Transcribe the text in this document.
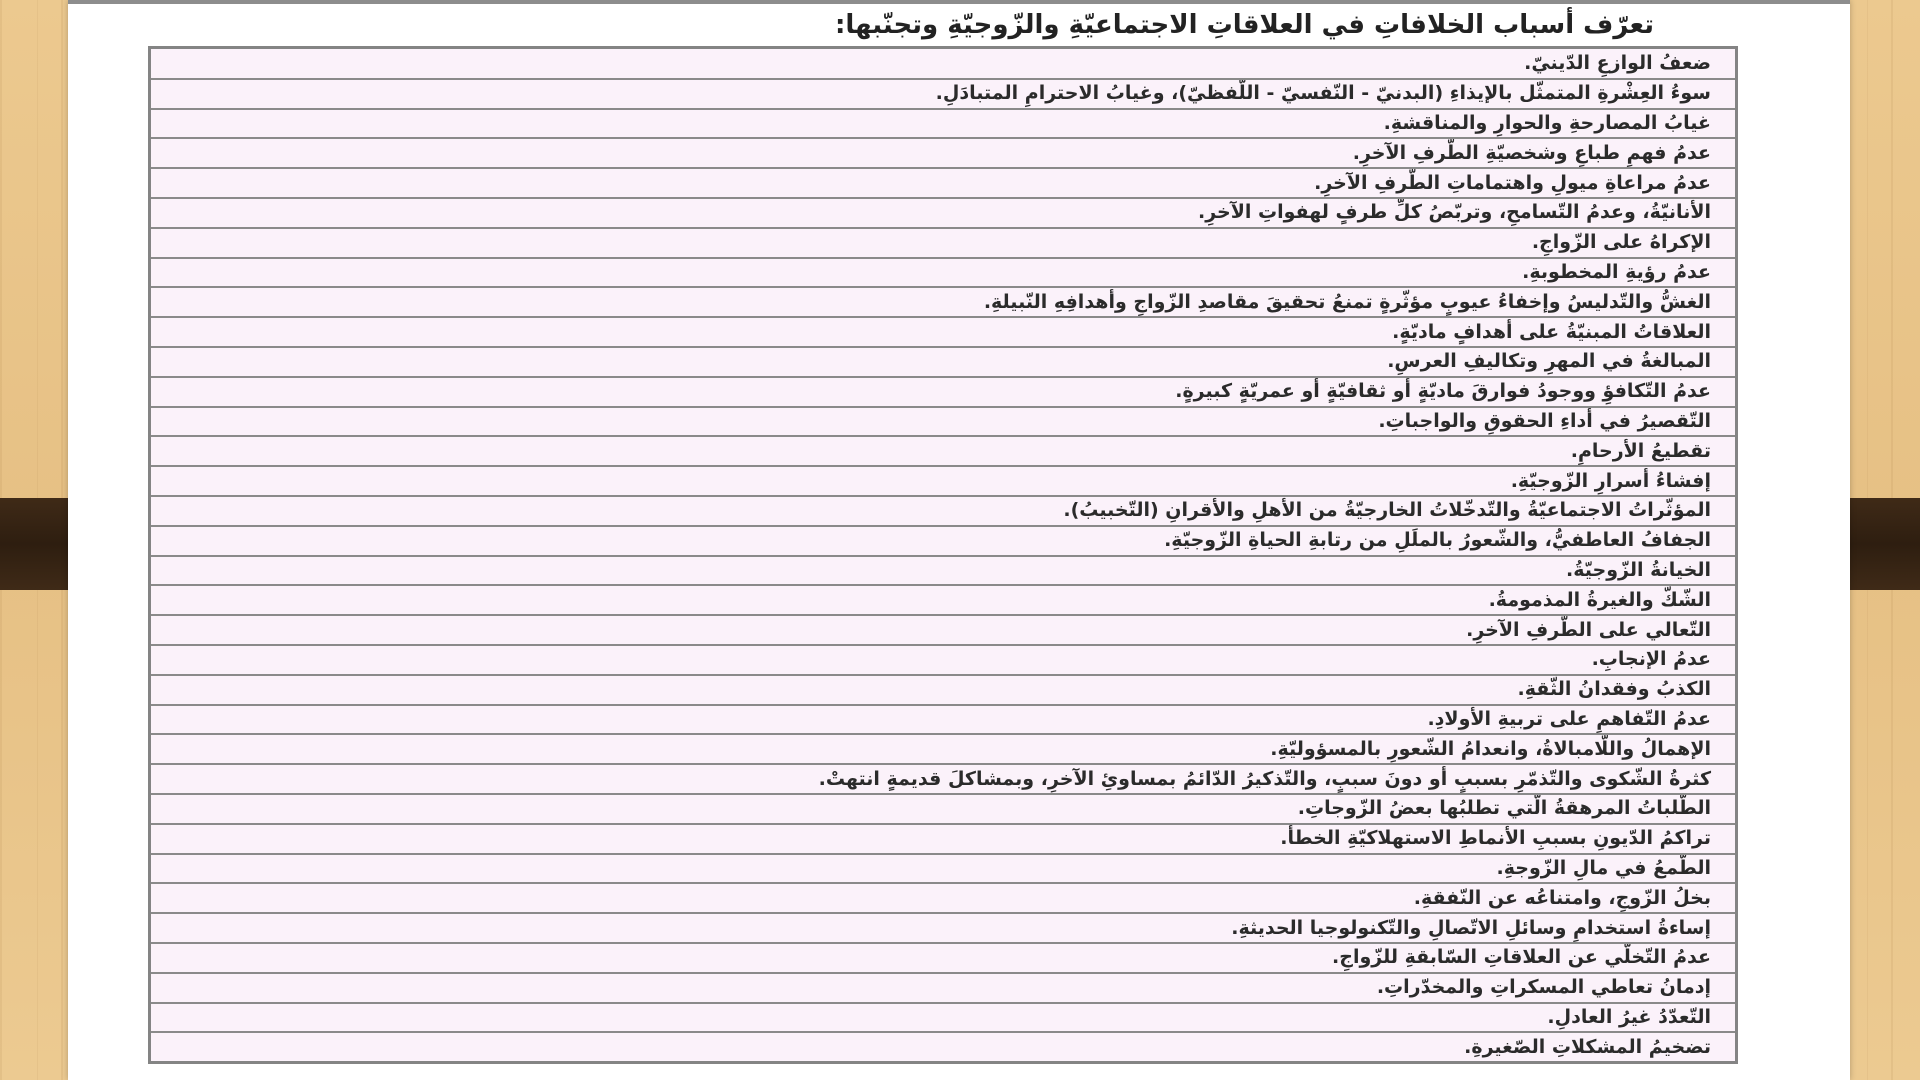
تعرّف أسباب الخلافاتِ في العلاقاتِ الاجتماعيّةِ والزّوجيّةِ وتجنّبها:
ضعفُ الوازعِ الدّينيّ.
سوءُ العِشْرةِ المتمثّل بالإيذاءِ (البدنيّ - النّفسيّ - اللّفظيّ)، وغيابُ الاحترامِ المتبادَلِ.
غيابُ المصارحةِ والحوارِ والمناقشةِ.
عدمُ فهمِ طباعِ وشخصيّةِ الطّرفِ الآخرِ.
عدمُ مراعاةِ ميولِ واهتماماتِ الطّرفِ الآخرِ.
الأنانيّةُ، وعدمُ التّسامحِ، وتربّصُ كلِّ طرفٍ لهفواتِ الآخرِ.
الإكراهُ على الزّواجِ.
عدمُ رؤيةِ المخطوبةِ.
الغشُّ والتّدليسُ وإخفاءُ عيوبٍ مؤثّرةٍ تمنعُ تحقيقَ مقاصدِ الزّواجِ وأهدافِهِ النّبيلةِ.
العلاقاتُ المبنيّةُ على أهدافٍ ماديّةٍ.
المبالغةُ في المهرِ وتكاليفِ العرسِ.
عدمُ التّكافؤِ ووجودُ فوارقَ ماديّةٍ أو ثقافيّةٍ أو عمريّةٍ كبيرةٍ.
التّقصيرُ في أداءِ الحقوقِ والواجباتِ.
تقطيعُ الأرحامِ.
إفشاءُ أسرارِ الزّوجيّةِ.
المؤثّراتُ الاجتماعيّةُ والتّدخّلاتُ الخارجيّةُ من الأهلِ والأقرانِ (التّخبيبُ).
الجفافُ العاطفيُّ، والشّعورُ بالملَلِ من رتابةِ الحياةِ الزّوجيّةِ.
الخيانةُ الزّوجيّةُ.
الشّكُّ والغيرةُ المذمومةُ.
التّعالي على الطّرفِ الآخرِ.
عدمُ الإنجابِ.
الكذبُ وفقدانُ الثّقةِ.
عدمُ التّفاهمِ على تربيةِ الأولادِ.
الإهمالُ واللّامبالاةُ، وانعدامُ الشّعورِ بالمسؤوليّةِ.
كثرةُ الشّكوى والتّذمّرِ بسببٍ أو دونَ سببٍ، والتّذكيرُ الدّائمُ بمساوئِ الآخرِ، وبمشاكلَ قديمةٍ انتهتْ.
الطّلباتُ المرهقةُ الّتي تطلبُها بعضُ الزّوجاتِ.
تراكمُ الدّيونِ بسببِ الأنماطِ الاستهلاكيّةِ الخطأ.
الطّمعُ في مالِ الزّوجةِ.
بخلُ الزّوجِ، وامتناعُه عن النّفقةِ.
إساءةُ استخدامِ وسائلِ الاتّصالِ والتّكنولوجيا الحديثةِ.
عدمُ التّخلّي عن العلاقاتِ السّابقةِ للزّواجِ.
إدمانُ تعاطي المسكراتِ والمخدّراتِ.
التّعدّدُ غيرُ العادلِ.
تضخيمُ المشكلاتِ الصّغيرةِ.
